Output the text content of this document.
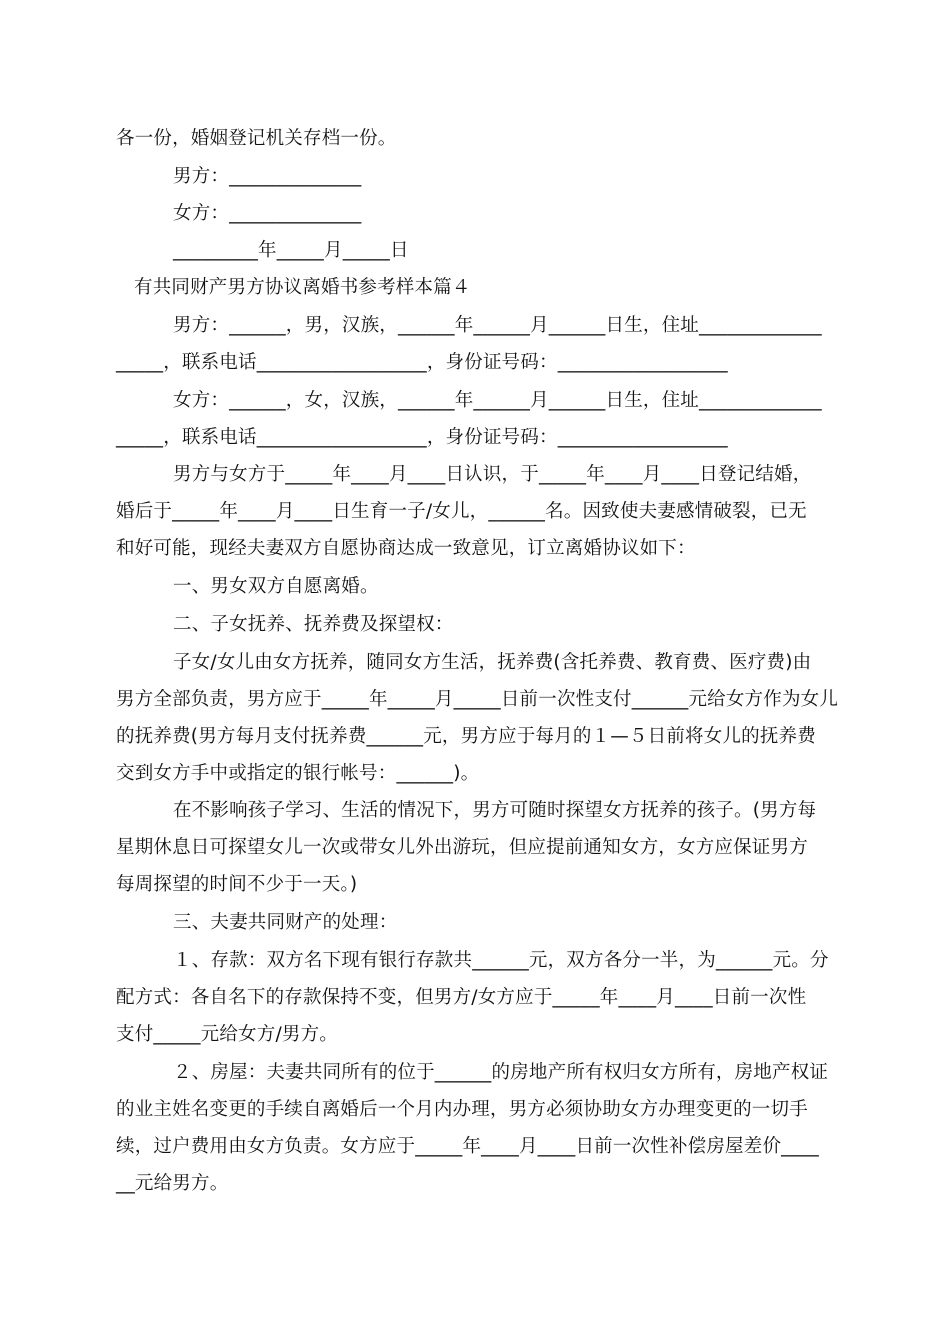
各一份，婚姻登记机关存档一份。
男方：______________
女方：______________
_________年_____月_____日
有共同财产男方协议离婚书参考样本篇４
男方：______，男，汉族，______年______月______日生，住址_____________
_____，联系电话__________________，身份证号码：__________________
女方：______，女，汉族，______年______月______日生，住址_____________
_____，联系电话__________________，身份证号码：__________________
男方与女方于_____年____月____日认识，于_____年____月____日登记结婚，
婚后于_____年____月____日生育一子/女儿，______名。因致使夫妻感情破裂，已无
和好可能，现经夫妻双方自愿协商达成一致意见，订立离婚协议如下：
一、男女双方自愿离婚。
二、子女抚养、抚养费及探望权：
子女/女儿由女方抚养，随同女方生活，抚养费(含托养费、教育费、医疗费)由
男方全部负责，男方应于_____年_____月_____日前一次性支付______元给女方作为女儿
的抚养费(男方每月支付抚养费______元，男方应于每月的１—５日前将女儿的抚养费
交到女方手中或指定的银行帐号：______)。
在不影响孩子学习、生活的情况下，男方可随时探望女方抚养的孩子。(男方每
星期休息日可探望女儿一次或带女儿外出游玩，但应提前通知女方，女方应保证男方
每周探望的时间不少于一天。)
三、夫妻共同财产的处理：
１、存款：双方名下现有银行存款共______元，双方各分一半，为______元。分
配方式：各自名下的存款保持不变，但男方/女方应于_____年____月____日前一次性
支付_____元给女方/男方。
２、房屋：夫妻共同所有的位于______的房地产所有权归女方所有，房地产权证
的业主姓名变更的手续自离婚后一个月内办理，男方必须协助女方办理变更的一切手
续，过户费用由女方负责。女方应于_____年____月____日前一次性补偿房屋差价____
__元给男方。
